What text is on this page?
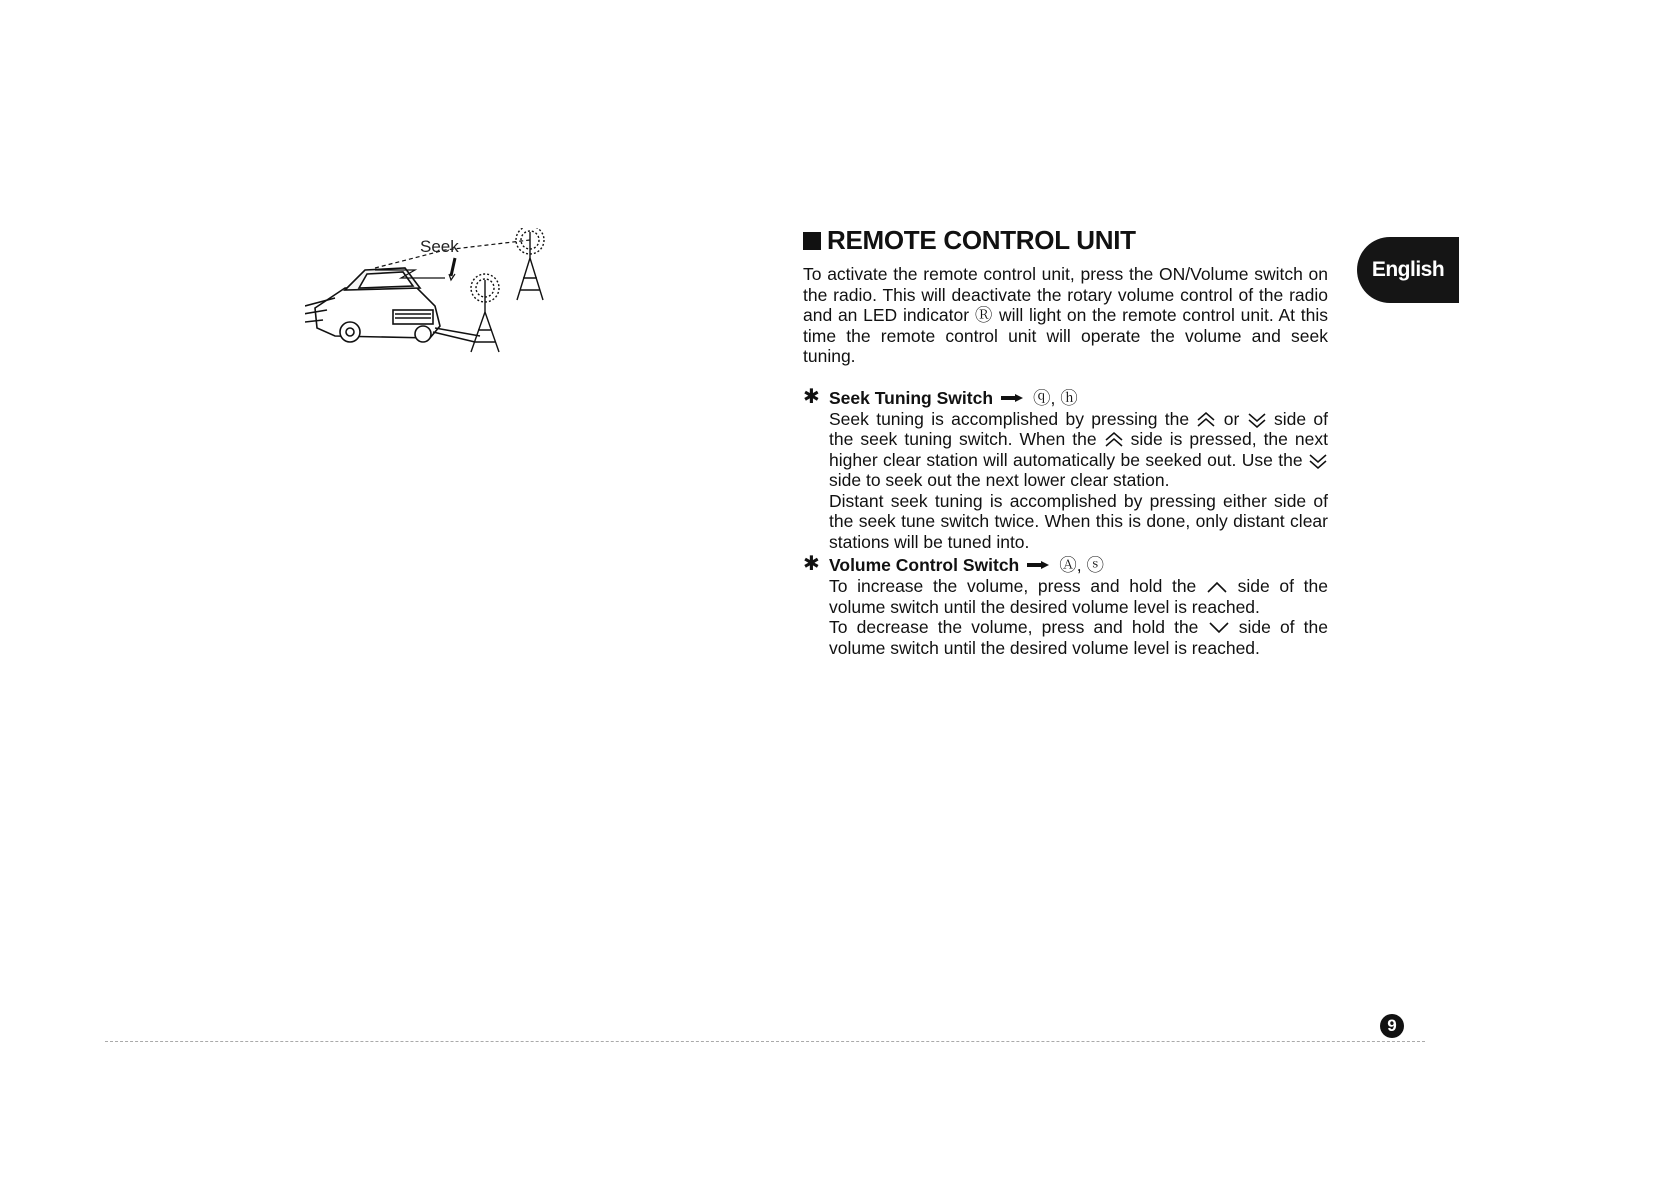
Seek	REMOTE CONTROL UNIT

To activate the remote control unit, press the ON/Volume switch on the radio. This will deactivate the rotary volume control of the radio and an LED indicator Ⓡ will light on the remote control unit. At this time the remote control unit will operate the volume and seek tuning.

✱ Seek Tuning Switch ⓠ, ⓗ

Seek tuning is accomplished by pressing the or side of the seek tuning switch. When the side is pressed, the next higher clear station will automatically be seeked out. Use the  side to seek out the next lower clear station.

Distant seek tuning is accomplished by pressing either side of the seek tune switch twice. When this is done, only distant clear stations will be tuned into.

✱ Volume Control Switch Ⓐ, ⓢ

To increase the volume, press and hold the side of the volume switch until the desired volume level is reached.

To decrease the volume, press and hold the side of the volume switch until the desired volume level is reached.

English
9
